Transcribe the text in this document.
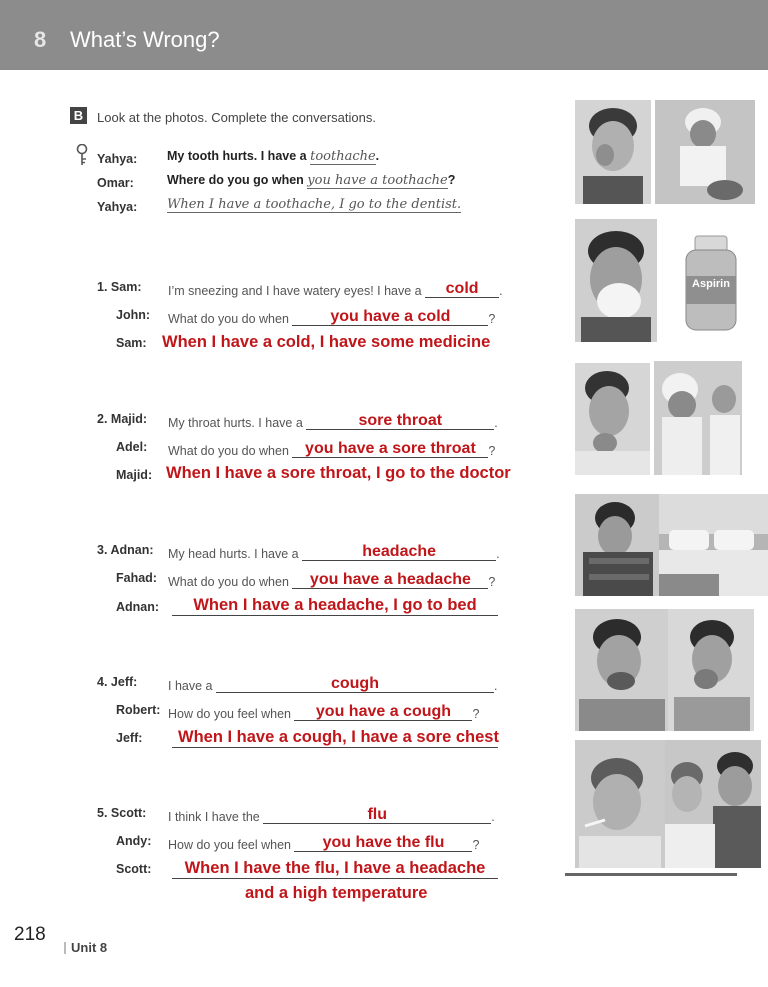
8 What’s Wrong?
B Look at the photos. Complete the conversations.
Yahya: My tooth hurts. I have a toothache.
Omar:	Where do you go when you have a toothache?
Yahya: When I have a toothache, I go to the dentist.
1. Sam: I’m sneezing and I have watery eyes! I have a cold .
John: What do you do when	you have a cold	?
Sam: When I have a cold, I have some medicine
2. Majid: My throat hurts. I have a	sore throat	.
Adel: What do you do when you have a sore throat ?
Majid: When I have a sore throat, I go to the doctor
3. Adnan: My head hurts. I have a	headache	.
Fahad: What do you do when you have a headache ?
Adnan:	When I have a headache, I go to bed
4. Jeff: I have a	cough	.
Robert: How do you feel when you have a cough ?
Jeff:	When I have a cough, I have a sore chest
5. Scott: I think I have the	flu	.
Andy: How do you feel when you have the flu ?
Scott:	When I have the flu, I have a headache
and a high temperature
Aspirin
218
Unit 8
